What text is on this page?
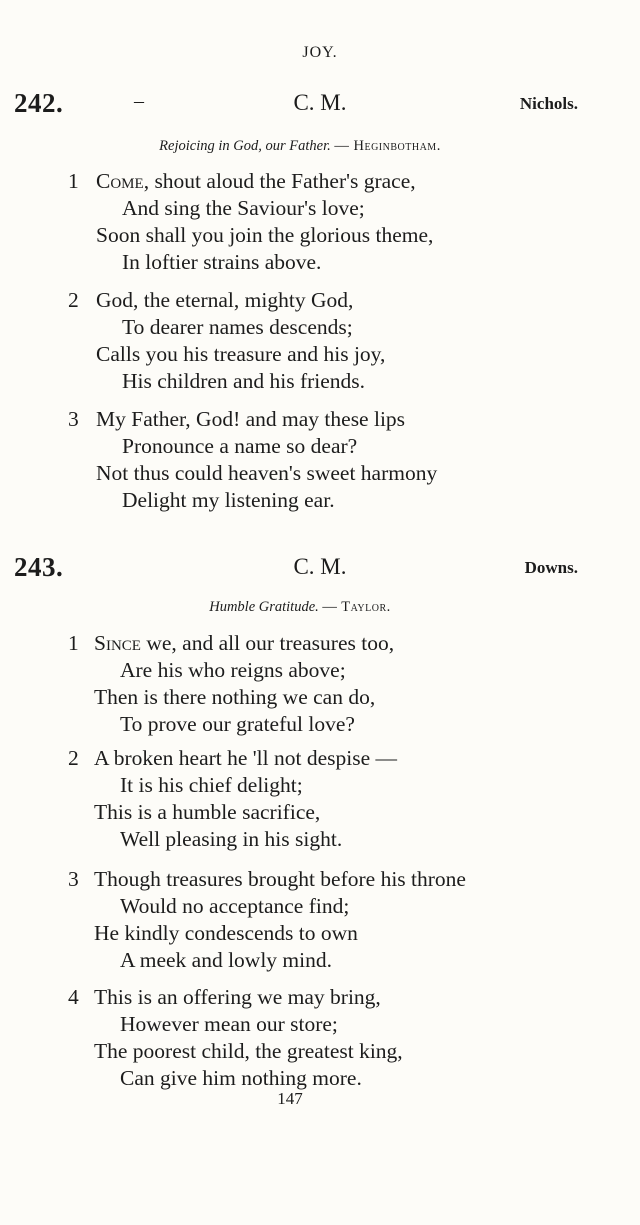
JOY.
242.	–	C. M.	Nichols.
Rejoicing in God, our Father. — Heginbotham.
1 Come, shout aloud the Father's grace,
And sing the Saviour's love;
Soon shall you join the glorious theme,
In loftier strains above.
2 God, the eternal, mighty God,
To dearer names descends;
Calls you his treasure and his joy,
His children and his friends.
3 My Father, God! and may these lips
Pronounce a name so dear?
Not thus could heaven's sweet harmony
Delight my listening ear.
243.	C. M.	Downs.
Humble Gratitude. — Taylor.
1 Since we, and all our treasures too,
Are his who reigns above;
Then is there nothing we can do,
To prove our grateful love?
2 A broken heart he 'll not despise —
It is his chief delight;
This is a humble sacrifice,
Well pleasing in his sight.
3 Though treasures brought before his throne
Would no acceptance find;
He kindly condescends to own
A meek and lowly mind.
4 This is an offering we may bring,
However mean our store;
The poorest child, the greatest king,
Can give him nothing more.
147
